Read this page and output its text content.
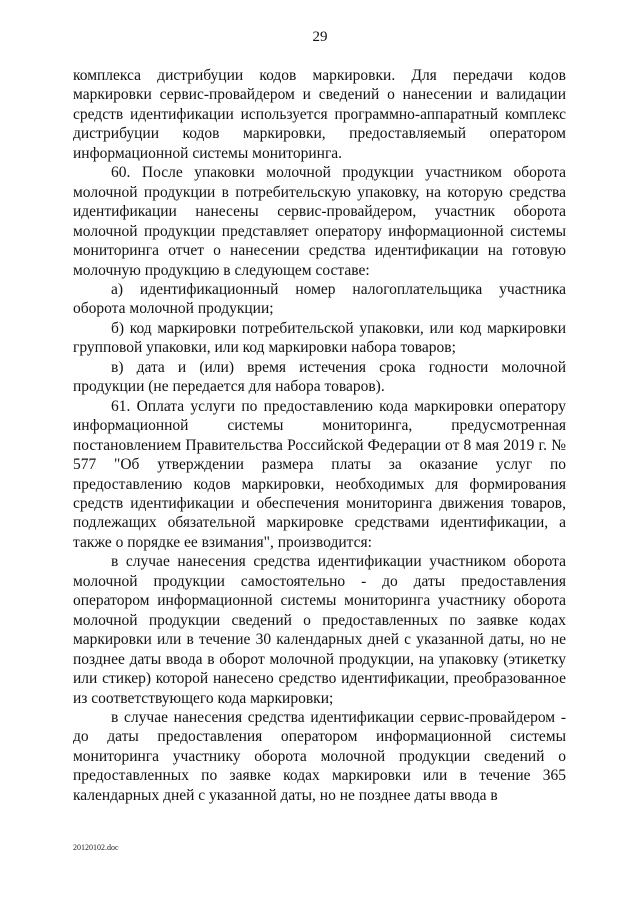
29

комплекса дистрибуции кодов маркировки. Для передачи кодов маркировки сервис-провайдером и сведений о нанесении и валидации средств идентификации используется программно-аппаратный комплекс дистрибуции кодов маркировки, предоставляемый оператором информационной системы мониторинга.

60. После упаковки молочной продукции участником оборота молочной продукции в потребительскую упаковку, на которую средства идентификации нанесены сервис-провайдером, участник оборота молочной продукции представляет оператору информационной системы мониторинга отчет о нанесении средства идентификации на готовую молочную продукцию в следующем составе:

а) идентификационный номер налогоплательщика участника оборота молочной продукции;

б) код маркировки потребительской упаковки, или код маркировки групповой упаковки, или код маркировки набора товаров;

в) дата и (или) время истечения срока годности молочной продукции (не передается для набора товаров).

61. Оплата услуги по предоставлению кода маркировки оператору информационной системы мониторинга, предусмотренная постановлением Правительства Российской Федерации от 8 мая 2019 г. № 577 "Об утверждении размера платы за оказание услуг по предоставлению кодов маркировки, необходимых для формирования средств идентификации и обеспечения мониторинга движения товаров, подлежащих обязательной маркировке средствами идентификации, а также о порядке ее взимания", производится:

в случае нанесения средства идентификации участником оборота молочной продукции самостоятельно - до даты предоставления оператором информационной системы мониторинга участнику оборота молочной продукции сведений о предоставленных по заявке кодах маркировки или в течение 30 календарных дней с указанной даты, но не позднее даты ввода в оборот молочной продукции, на упаковку (этикетку или стикер) которой нанесено средство идентификации, преобразованное из соответствующего кода маркировки;

в случае нанесения средства идентификации сервис-провайдером - до даты предоставления оператором информационной системы мониторинга участнику оборота молочной продукции сведений о предоставленных по заявке кодах маркировки или в течение 365 календарных дней с указанной даты, но не позднее даты ввода в

20120102.doc
